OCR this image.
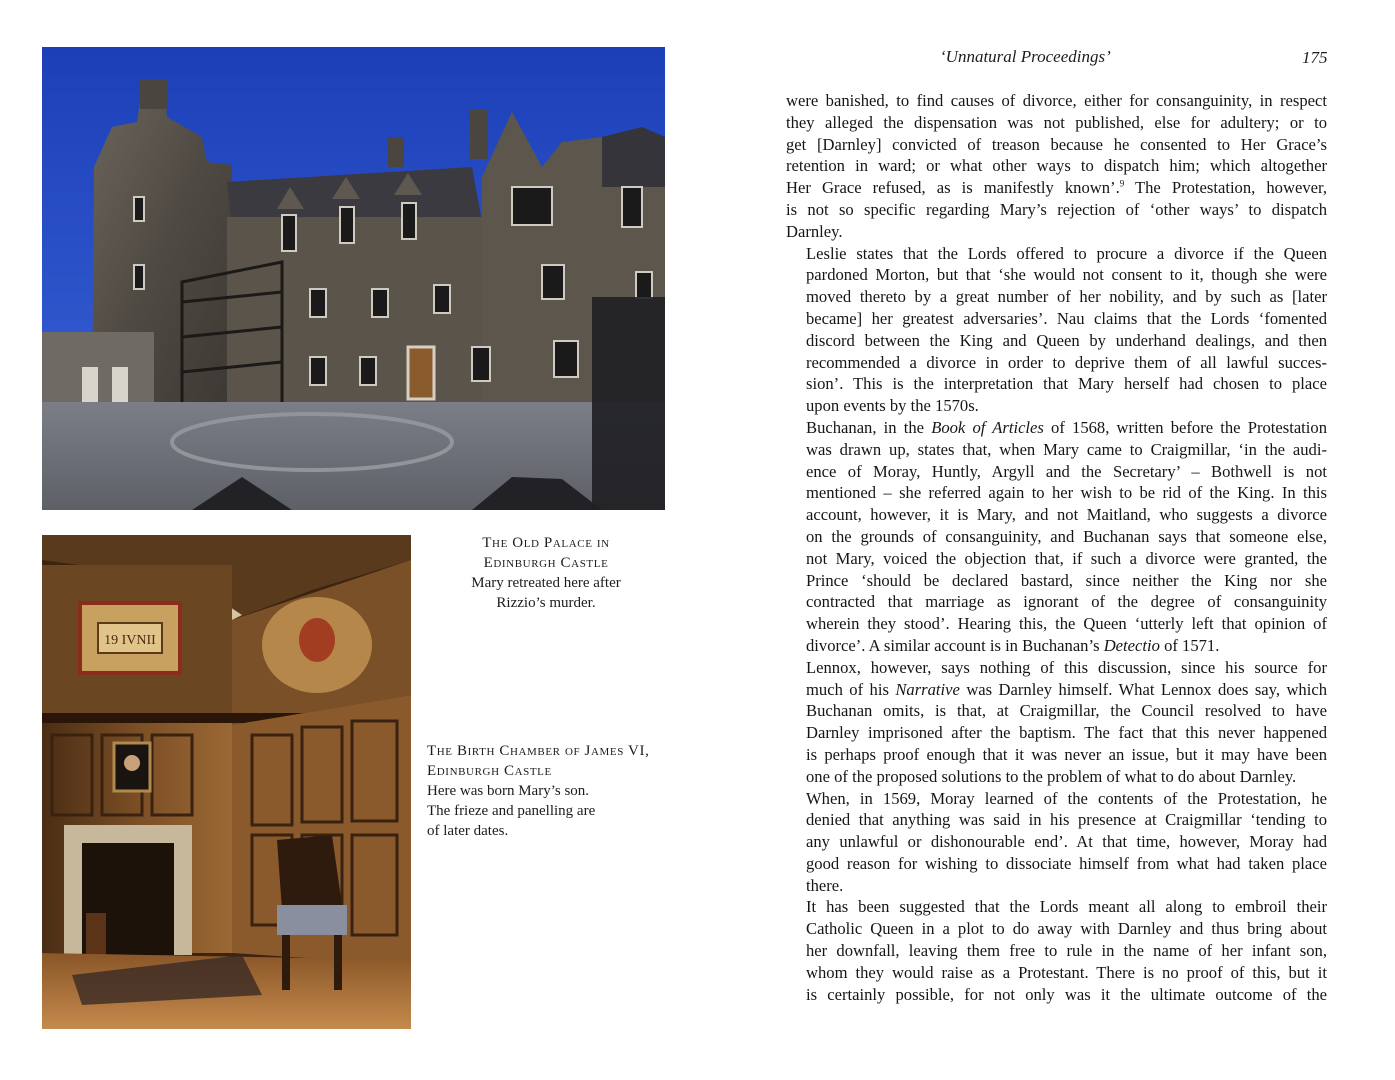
19 IVNII
The Old Palace in
Edinburgh Castle
Mary retreated here after
Rizzio’s murder.
The Birth Chamber of James VI,
Edinburgh Castle
Here was born Mary’s son.
The frieze and panelling are
of later dates.
‘Unnatural Proceedings’	175

were banished, to find causes of divorce, either for consanguinity, in respect
they alleged the dispensation was not published, else for adultery; or to
get [Darnley] convicted of treason because he consented to Her Grace’s
retention in ward; or what other ways to dispatch him; which altogether
Her Grace refused, as is manifestly known’.$^9$ The Protestation, however,
is not so specific regarding Mary’s rejection of ‘other ways’ to dispatch
Darnley.

Leslie states that the Lords offered to procure a divorce if the Queen
pardoned Morton, but that ‘she would not consent to it, though she were
moved thereto by a great number of her nobility, and by such as [later
became] her greatest adversaries’. Nau claims that the Lords ‘fomented
discord between the King and Queen by underhand dealings, and then
recommended a divorce in order to deprive them of all lawful succes-
sion’. This is the interpretation that Mary herself had chosen to place
upon events by the 1570s.

Buchanan, in the Book of Articles of 1568, written before the Protestation
was drawn up, states that, when Mary came to Craigmillar, ‘in the audi-
ence of Moray, Huntly, Argyll and the Secretary’ – Bothwell is not
mentioned – she referred again to her wish to be rid of the King. In this
account, however, it is Mary, and not Maitland, who suggests a divorce
on the grounds of consanguinity, and Buchanan says that someone else,
not Mary, voiced the objection that, if such a divorce were granted, the
Prince ‘should be declared bastard, since neither the King nor she
contracted that marriage as ignorant of the degree of consanguinity
wherein they stood’. Hearing this, the Queen ‘utterly left that opinion of
divorce’. A similar account is in Buchanan’s Detectio of 1571.

Lennox, however, says nothing of this discussion, since his source for
much of his Narrative was Darnley himself. What Lennox does say, which
Buchanan omits, is that, at Craigmillar, the Council resolved to have
Darnley imprisoned after the baptism. The fact that this never happened
is perhaps proof enough that it was never an issue, but it may have been
one of the proposed solutions to the problem of what to do about Darnley.

When, in 1569, Moray learned of the contents of the Protestation, he
denied that anything was said in his presence at Craigmillar ‘tending to
any unlawful or dishonourable end’. At that time, however, Moray had
good reason for wishing to dissociate himself from what had taken place
there.

It has been suggested that the Lords meant all along to embroil their
Catholic Queen in a plot to do away with Darnley and thus bring about
her downfall, leaving them free to rule in the name of her infant son,
whom they would raise as a Protestant. There is no proof of this, but it
is certainly possible, for not only was it the ultimate outcome of the
